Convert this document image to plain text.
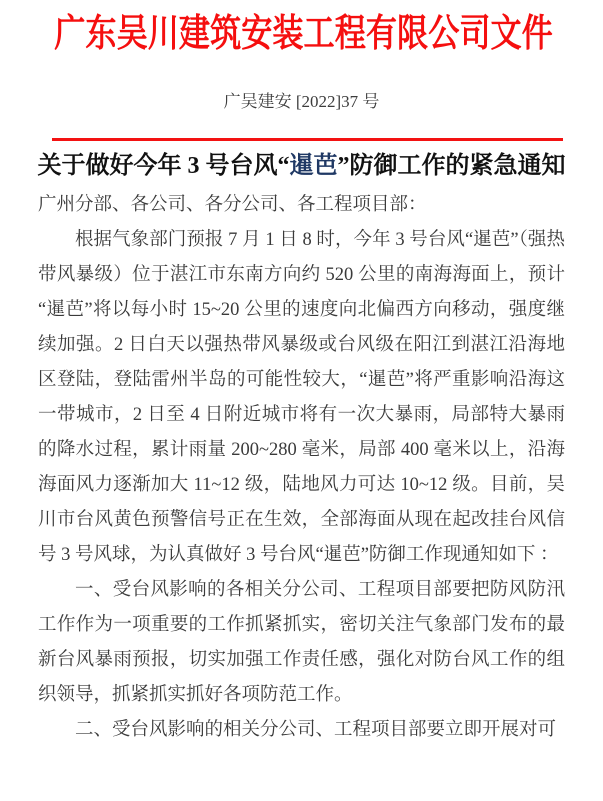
广东吴川建筑安装工程有限公司文件
广吴建安 [2022]37 号
关于做好今年 3 号台风“暹芭”防御工作的紧急通知

广州分部、各公司、各分公司、各工程项目部：

根据气象部门预报 7 月 1 日 8 时，今年 3 号台风“暹芭”（强热带风暴级）位于湛江市东南方向约 520 公里的南海海面上，预计“暹芭”将以每小时 15~20 公里的速度向北偏西方向移动，强度继续加强。2 日白天以强热带风暴级或台风级在阳江到湛江沿海地区登陆，登陆雷州半岛的可能性较大，“暹芭”将严重影响沿海这一带城市，2 日至 4 日附近城市将有一次大暴雨，局部特大暴雨的降水过程，累计雨量 200~280 毫米，局部 400 毫米以上，沿海海面风力逐渐加大 11~12 级，陆地风力可达 10~12 级。目前，吴川市台风黄色预警信号正在生效，全部海面从现在起改挂台风信号 3 号风球，为认真做好 3 号台风“暹芭”防御工作现通知如下 ：

一、受台风影响的各相关分公司、工程项目部要把防风防汛工作作为一项重要的工作抓紧抓实，密切关注气象部门发布的最新台风暴雨预报，切实加强工作责任感，强化对防台风工作的组织领导，抓紧抓实抓好各项防范工作。

二、受台风影响的相关分公司、工程项目部要立即开展对可
